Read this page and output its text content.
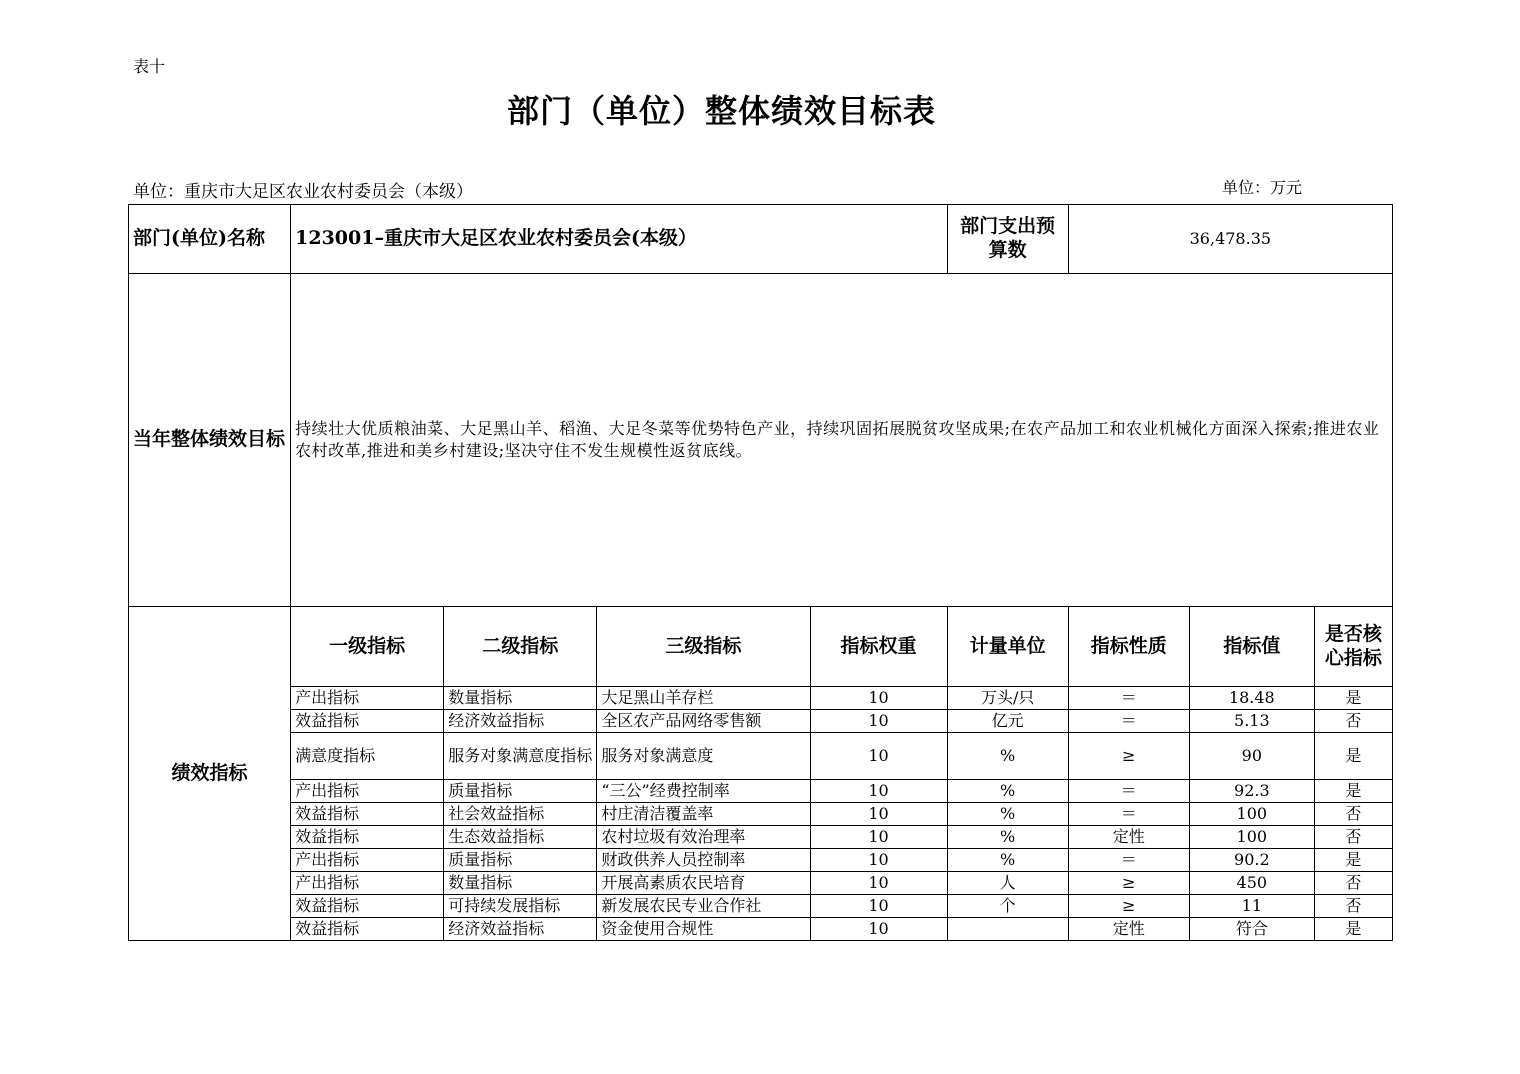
表十
部门（单位）整体绩效目标表
单位：重庆市大足区农业农村委员会（本级）	单位：万元
部门(单位)名称	123001–重庆市大足区农业农村委员会(本级）				部门支出预算数	36,478.35		
当年整体绩效目标	持续壮大优质粮油菜、大足黑山羊、稻渔、大足冬菜等优势特色产业，持续巩固拓展脱贫攻坚成果;在农产品加工和农业机械化方面深入探索;推进农业农村改革,推进和美乡村建设;坚决守住不发生规模性返贫底线。							
绩效指标	一级指标	二级指标	三级指标	指标权重	计量单位	指标性质	指标值	是否核心指标
	产出指标	数量指标	大足黑山羊存栏	10	万头/只	＝	18.48	是
	效益指标	经济效益指标	全区农产品网络零售额	10	亿元	＝	5.13	否
	满意度指标	服务对象满意度指标	服务对象满意度	10	%	≥	90	是
	产出指标	质量指标	“三公”经费控制率	10	%	＝	92.3	是
	效益指标	社会效益指标	村庄清洁覆盖率	10	%	＝	100	否
	效益指标	生态效益指标	农村垃圾有效治理率	10	%	定性	100	否
	产出指标	质量指标	财政供养人员控制率	10	%	＝	90.2	是
	产出指标	数量指标	开展高素质农民培育	10	人	≥	450	否
	效益指标	可持续发展指标	新发展农民专业合作社	10	个	≥	11	否
	效益指标	经济效益指标	资金使用合规性	10		定性	符合	是
